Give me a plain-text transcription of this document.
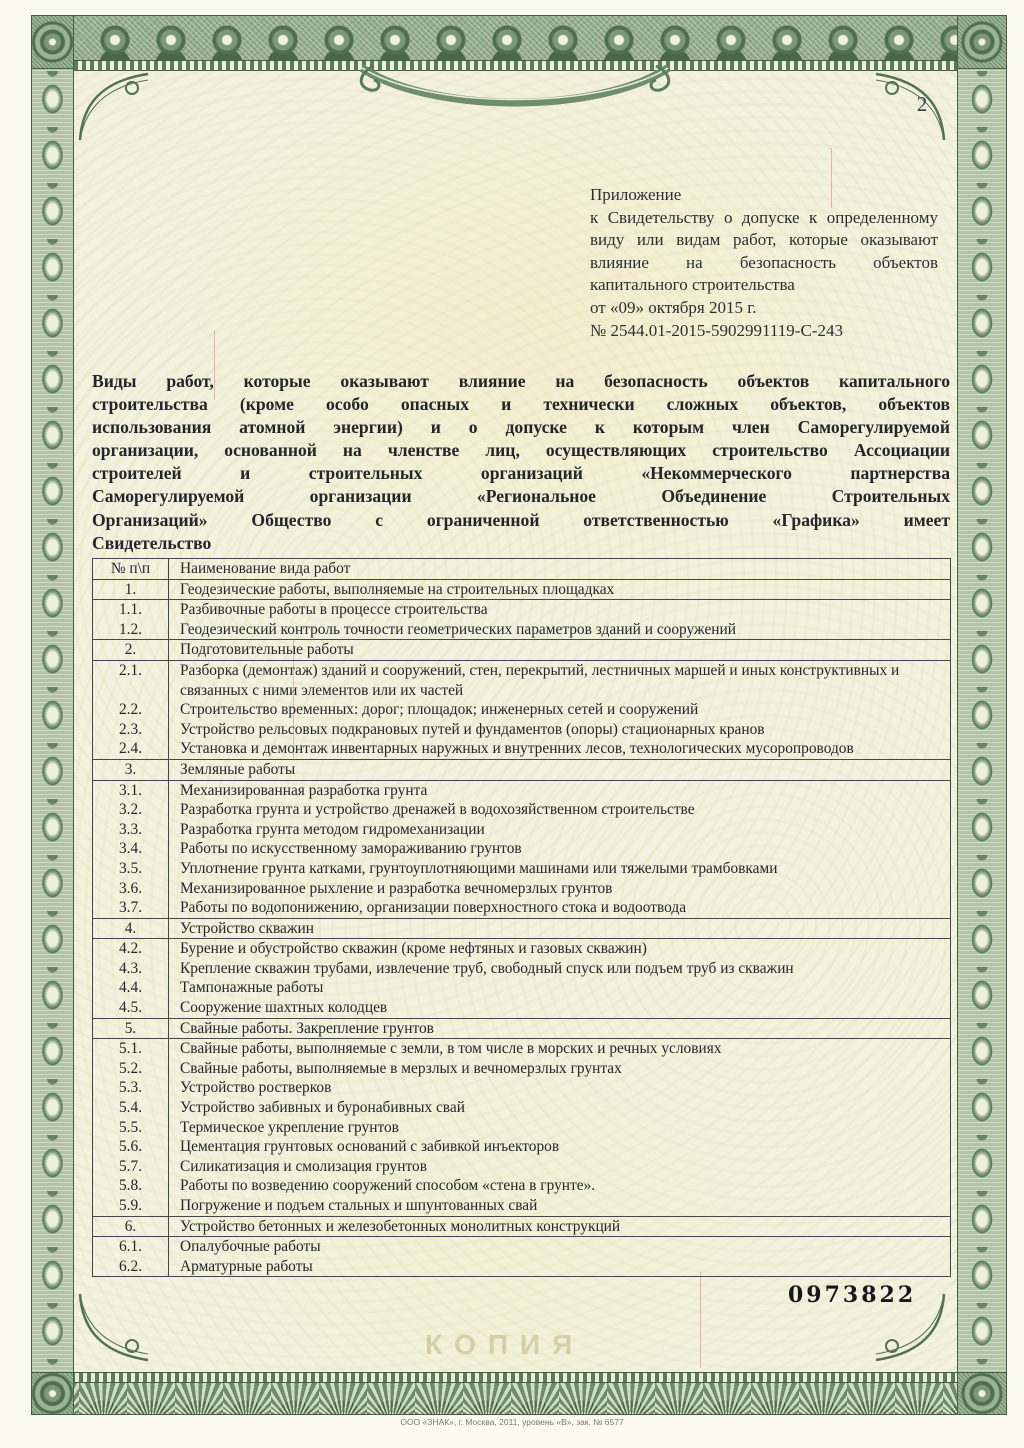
2
Приложение
к Свидетельству о допуске к определенному
виду или видам работ, которые оказывают
влияние на безопасность объектов
капитального строительства
от «09» октября 2015 г.
№ 2544.01-2015-5902991119-С-243
Виды работ, которые оказывают влияние на безопасность объектов капитального
строительства (кроме особо опасных и технически сложных объектов, объектов
использования атомной энергии) и о допуске к которым член Саморегулируемой
организации, основанной на членстве лиц, осуществляющих строительство Ассоциации
строителей и строительных организаций «Некоммерческого партнерства
Саморегулируемой организации «Региональное Объединение Строительных
Организаций» Общество с ограниченной ответственностью «Графика» имеет
Свидетельство
№ п\п	Наименование вида работ
1.	Геодезические работы, выполняемые на строительных площадках
1.1.	Разбивочные работы в процессе строительства
1.2.	Геодезический контроль точности геометрических параметров зданий и сооружений
2.	Подготовительные работы
2.1.	Разборка (демонтаж) зданий и сооружений, стен, перекрытий, лестничных маршей и иных конструктивных и связанных с ними элементов или их частей
2.2.	Строительство временных: дорог; площадок; инженерных сетей и сооружений
2.3.	Устройство рельсовых подкрановых путей и фундаментов (опоры) стационарных кранов
2.4.	Установка и демонтаж инвентарных наружных и внутренних лесов, технологических мусоропроводов
3.	Земляные работы
3.1.	Механизированная разработка грунта
3.2.	Разработка грунта и устройство дренажей в водохозяйственном строительстве
3.3.	Разработка грунта методом гидромеханизации
3.4.	Работы по искусственному замораживанию грунтов
3.5.	Уплотнение грунта катками, грунтоуплотняющими машинами или тяжелыми трамбовками
3.6.	Механизированное рыхление и разработка вечномерзлых грунтов
3.7.	Работы по водопонижению, организации поверхностного стока и водоотвода
4.	Устройство скважин
4.2.	Бурение и обустройство скважин (кроме нефтяных и газовых скважин)
4.3.	Крепление скважин трубами, извлечение труб, свободный спуск или подъем труб из скважин
4.4.	Тампонажные работы
4.5.	Сооружение шахтных колодцев
5.	Свайные работы. Закрепление грунтов
5.1.	Свайные работы, выполняемые с земли, в том числе в морских и речных условиях
5.2.	Свайные работы, выполняемые в мерзлых и вечномерзлых грунтах
5.3.	Устройство ростверков
5.4.	Устройство забивных и буронабивных свай
5.5.	Термическое укрепление грунтов
5.6.	Цементация грунтовых оснований с забивкой инъекторов
5.7.	Силикатизация и смолизация грунтов
5.8.	Работы по возведению сооружений способом «стена в грунте».
5.9.	Погружение и подъем стальных и шпунтованных свай
6.	Устройство бетонных и железобетонных монолитных конструкций
6.1.	Опалубочные работы
6.2.	Арматурные работы
0973822
КОПИЯ
ООО «ЗНАК», г. Москва, 2011, уровень «В», зак. № 6577
